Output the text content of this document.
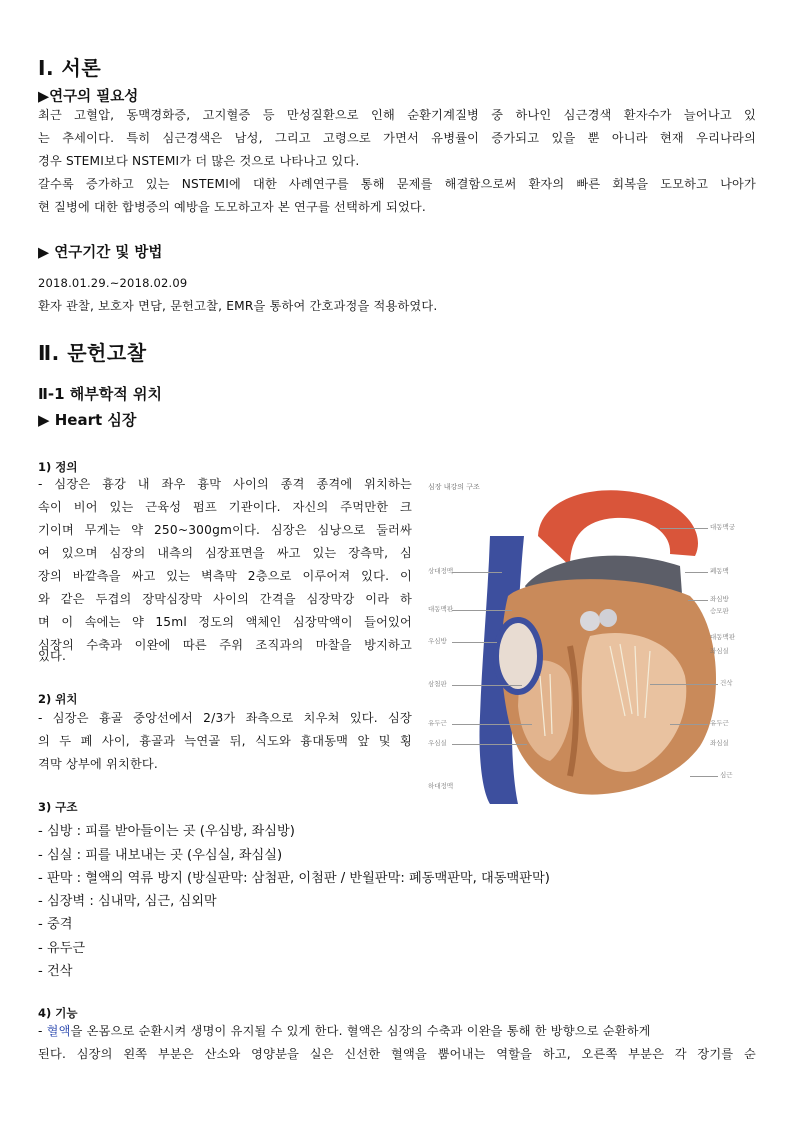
Ⅰ. 서론
▶연구의 필요성
최근 고혈압, 동맥경화증, 고지혈증 등 만성질환으로 인해 순환기계질병 중 하나인 심근경색 환자수가 늘어나고 있
는 추세이다. 특히 심근경색은 남성, 그리고 고령으로 가면서 유병률이 증가되고 있을 뿐 아니라 현재 우리나라의
경우 STEMI보다 NSTEMI가 더 많은 것으로 나타나고 있다.
갈수록 증가하고 있는 NSTEMI에 대한 사례연구를 통해 문제를 해결함으로써 환자의 빠른 회복을 도모하고 나아가
현 질병에 대한 합병증의 예방을 도모하고자 본 연구를 선택하게 되었다.
▶ 연구기간 및 방법
2018.01.29.~2018.02.09
환자 관찰, 보호자 면담, 문헌고찰, EMR을 통하여 간호과정을 적용하였다.
Ⅱ. 문헌고찰
Ⅱ-1 해부학적 위치
▶ Heart 심장
1) 정의
- 심장은 흉강 내 좌우 흉막 사이의 종격 종격에 위치하는
속이 비어 있는 근육성 펌프 기관이다. 자신의 주먹만한 크
기이며 무게는 약 250~300gm이다. 심장은 심낭으로 둘러싸
여 있으며 심장의 내측의 심장표면을 싸고 있는 장측막, 심
장의 바깥측을 싸고 있는 벽측막 2층으로 이루어져 있다. 이
와 같은 두겹의 장막심장막 사이의 간격을 심장막강 이라 하
며 이 속에는 약 15ml 정도의 액체인 심장막액이 들어있어
심장의 수축과 이완에 따른 주위 조직과의 마찰을 방지하고
있다.
2) 위치
- 심장은 흉골 중앙선에서 2/3가 좌측으로 치우쳐 있다. 심장
의 두 폐 사이, 흉골과 늑연골 뒤, 식도와 흉대동맥 앞 및 횡
격막 상부에 위치한다.
3) 구조
- 심방 : 피를 받아들이는 곳 (우심방, 좌심방)
- 심실 : 피를 내보내는 곳 (우심실, 좌심실)
- 판막 : 혈액의 역류 방지 (방실판막: 삼첨판, 이첨판 / 반월판막: 폐동맥판막, 대동맥판막)
- 심장벽 : 심내막, 심근, 심외막
- 중격
- 유두근
- 건삭
4) 기능
- 혈액을 온몸으로 순환시켜 생명이 유지될 수 있게 한다. 혈액은 심장의 수축과 이완을 통해 한 방향으로 순환하게
된다. 심장의 왼쪽 부분은 산소와 영양분을 실은 신선한 혈액을 뿜어내는 역할을 하고, 오른쪽 부분은 각 장기를 순
심장 내강의 구조
상대정맥
대동맥판
우심방
삼첨판
유두근
우심실
하대정맥
대동맥궁
폐동맥
좌심방
승모판
대동맥판
좌심실
건삭
유두근
좌심실
심근
